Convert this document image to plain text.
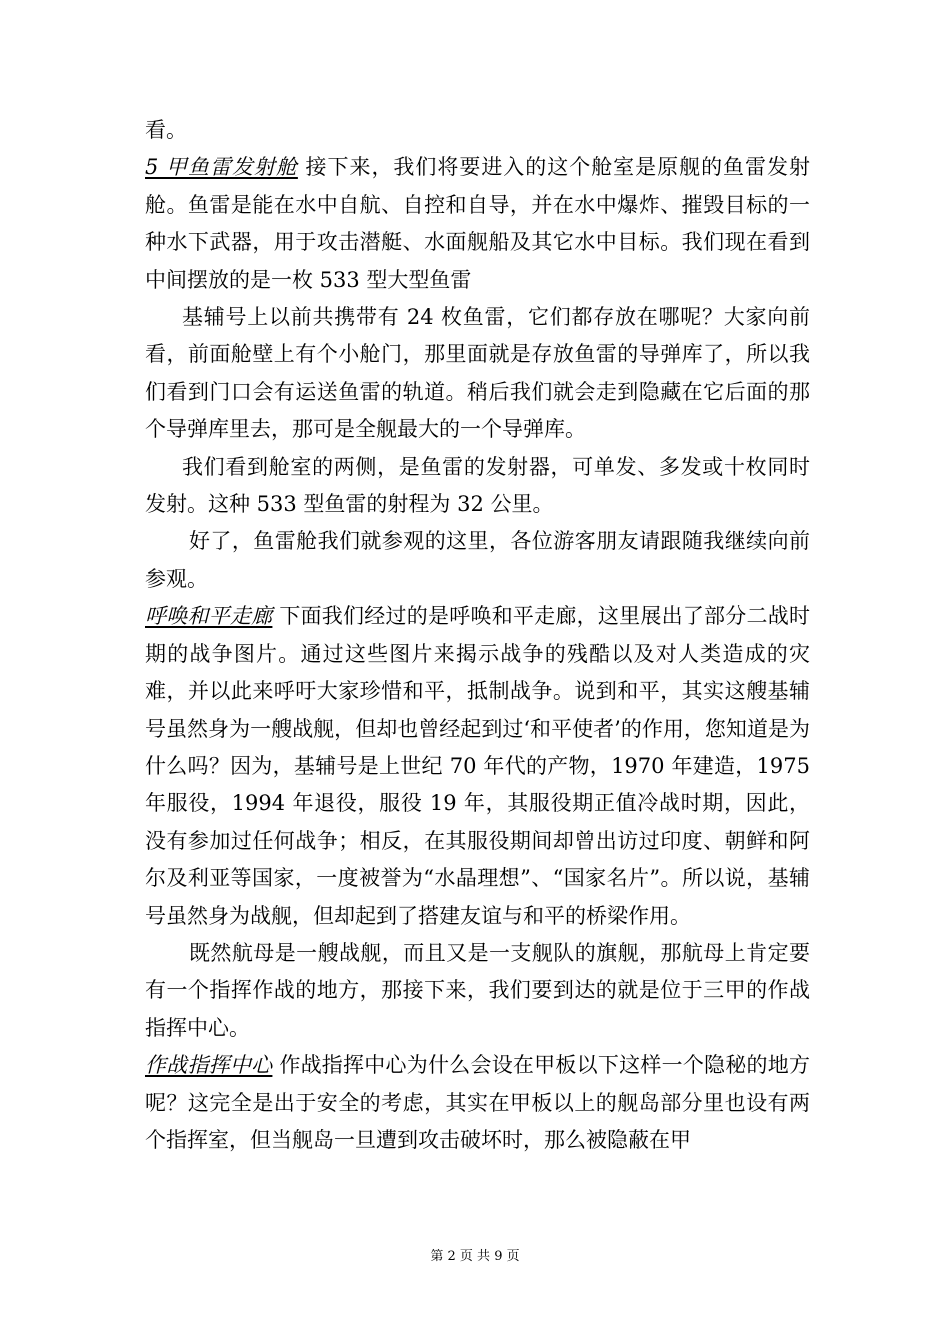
看。

5 甲鱼雷发射舱 接下来，我们将要进入的这个舱室是原舰的鱼雷发射舱。鱼雷是能在水中自航、自控和自导，并在水中爆炸、摧毁目标的一种水下武器，用于攻击潜艇、水面舰船及其它水中目标。我们现在看到中间摆放的是一枚 533 型大型鱼雷

基辅号上以前共携带有 24 枚鱼雷，它们都存放在哪呢？大家向前看，前面舱壁上有个小舱门，那里面就是存放鱼雷的导弹库了，所以我们看到门口会有运送鱼雷的轨道。稍后我们就会走到隐藏在它后面的那个导弹库里去，那可是全舰最大的一个导弹库。

我们看到舱室的两侧，是鱼雷的发射器，可单发、多发或十枚同时发射。这种 533 型鱼雷的射程为 32 公里。

好了，鱼雷舱我们就参观的这里，各位游客朋友请跟随我继续向前参观。

呼唤和平走廊 下面我们经过的是呼唤和平走廊，这里展出了部分二战时期的战争图片。通过这些图片来揭示战争的残酷以及对人类造成的灾难，并以此来呼吁大家珍惜和平，抵制战争。说到和平，其实这艘基辅号虽然身为一艘战舰，但却也曾经起到过‘和平使者’的作用，您知道是为什么吗？因为，基辅号是上世纪 70 年代的产物，1970 年建造，1975 年服役，1994 年退役，服役 19 年，其服役期正值冷战时期，因此，没有参加过任何战争；相反，在其服役期间却曾出访过印度、朝鲜和阿尔及利亚等国家，一度被誉为“水晶理想”、“国家名片”。所以说，基辅号虽然身为战舰，但却起到了搭建友谊与和平的桥梁作用。

既然航母是一艘战舰，而且又是一支舰队的旗舰，那航母上肯定要有一个指挥作战的地方，那接下来，我们要到达的就是位于三甲的作战指挥中心。

作战指挥中心 作战指挥中心为什么会设在甲板以下这样一个隐秘的地方呢？这完全是出于安全的考虑，其实在甲板以上的舰岛部分里也设有两个指挥室，但当舰岛一旦遭到攻击破坏时，那么被隐蔽在甲

第 2 页 共 9 页
